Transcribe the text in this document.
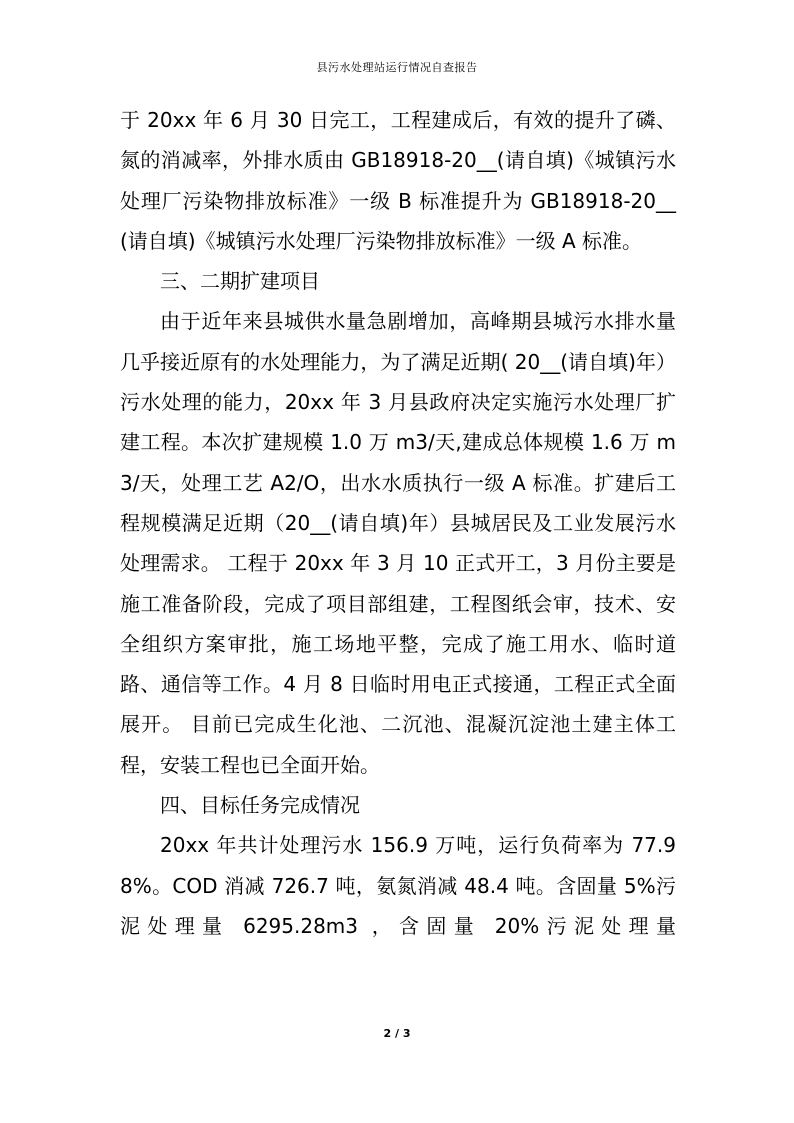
县污水处理站运行情况自查报告

于 20xx 年 6 月 30 日完工，工程建成后，有效的提升了磷、氮的消减率，外排水质由 GB18918-20__(请自填)《城镇污水处理厂污染物排放标准》一级 B 标准提升为 GB18918-20__(请自填)《城镇污水处理厂污染物排放标准》一级 A 标准。

三、二期扩建项目

由于近年来县城供水量急剧增加，高峰期县城污水排水量几乎接近原有的水处理能力，为了满足近期( 20__(请自填)年）污水处理的能力，20xx 年 3 月县政府决定实施污水处理厂扩建工程。本次扩建规模 1.0 万 m3/天,建成总体规模 1.6 万 m3/天，处理工艺 A2/O，出水水质执行一级 A 标准。扩建后工程规模满足近期（20__(请自填)年）县城居民及工业发展污水处理需求。 工程于 20xx 年 3 月 10 正式开工，3 月份主要是施工准备阶段，完成了项目部组建，工程图纸会审，技术、安全组织方案审批，施工场地平整，完成了施工用水、临时道路、通信等工作。4 月 8 日临时用电正式接通，工程正式全面展开。 目前已完成生化池、二沉池、混凝沉淀池土建主体工程，安装工程也已全面开始。

四、目标任务完成情况

20xx 年共计处理污水 156.9 万吨，运行负荷率为 77.98%。COD 消减 726.7 吨，氨氮消减 48.4 吨。含固量 5%污泥处理量 6295.28m3 ，含固量 20%污泥处理量

2 / 3
